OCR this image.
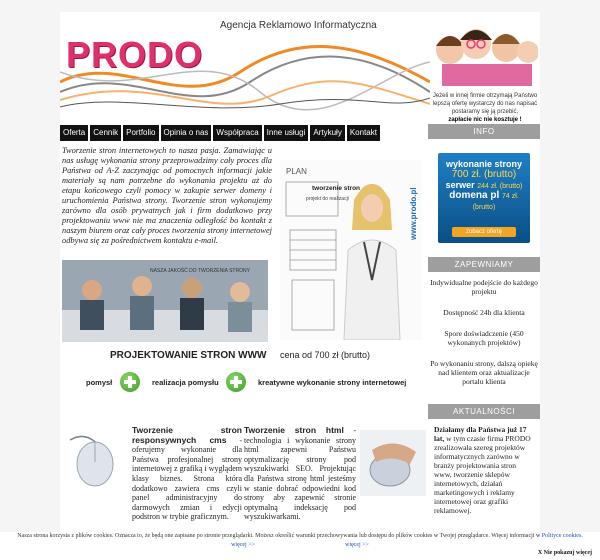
PRODO
Agencja Reklamowo Informatyczna
Jeżeli w innej firmie otrzymają Państwo
lepszą ofertę wystarczy do nas napisać
postaramy się ją przebić,
zapłacie nic nie kosztuje !
Oferta	Cennik	Portfolio	Opinia o nas	Współpraca	Inne usługi	Artykuły	Kontakt
Tworzenie stron internetowych to nasza pasja. Zamawiając u nas usługę wykonania strony przeprowadzimy cały proces dla Państwa od A-Z zaczynając od pomocnych informacji jakie materiały są nam potrzebne do wykonania projektu aż do etapu końcowego czyli pomocy w zakupie serwer domeny i uruchomienia Państwa strony. Tworzenie stron wykonujemy zarówno dla osób prywatnych jak i firm dodatkowo przy projektowaniu www nie ma znaczenia odległość bo kontakt z naszym biurem oraz cały proces tworzenia strony internetowej odbywa się za pośrednictwem kontaktu e-mail.
PLAN
tworzenie stron
projekt do realizacji	www.prodo.pl
NASZA JAKOŚĆ DO TWORZENIA STRONY
PROJEKTOWANIE STRON WWW cena od 700 zł (brutto)
pomysł	realizacja pomysłu	kreatywne wykonanie strony internetowej
Tworzenie stron responsywnych cms - oferujemy wykonanie dla Państwa profesjonalnej strony internetowej z grafiką i wyglądem klasy biznes. Strona która dodatkowo zawiera cms czyli panel administracyjny do darmowych zmian i edycji podstron w trybie graficznym.
Tworzenie stron html - technologia i wykonanie strony html zapewni Państwu optymalizację strony pod wyszukiwarki SEO. Projektując dla Państwa stronę html jesteśmy w stanie dobrać odpowiedni kod strony aby zapewnić stronie optymalną indeksację pod wyszukiwarkami.
INFO
wykonanie strony
700 zł. (brutto)
serwer 244 zł. (brutto)
domena pl 74 zł. (brutto)
zobacz ofertę
ZAPEWNIAMY

Indywidualne podejście do każdego projektu

Dostępność 24h dla klienta

Spore doświadczenie (450 wykonanych projektów)

Po wykonaniu strony, dalszą opiekę nad klientem oraz aktualizacje portalu klienta

AKTUALNOŚCI
Działamy dla Państwa już 17 lat, w tym czasie firma PRODO zrealizowała szereg projektów informatycznych zarówno w branży projektowania stron www, tworzenie sklepów internetowych, działań marketingowych i reklamy internetowej oraz grafiki reklamowej.
Nasza strona korzysta z plików cookies. Oznacza to, że będą one zapisane po stronie przeglądarki. Możesz określić warunki przechowywania lub dostępu do plików cookies w Twojej przeglądarce. Więcej informacji w Polityce cookies.
więcej >>	więcej >>
X Nie pokazuj więcej
